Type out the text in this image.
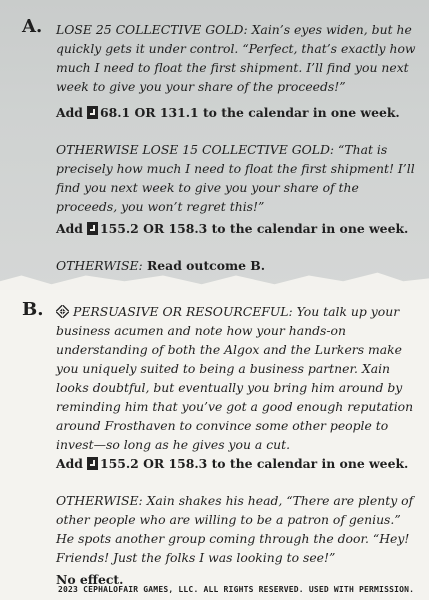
A. LOSE 25 COLLECTIVE GOLD: Xain’s eyes widen, but he quickly gets it under control. “Perfect, that’s exactly how much I need to float the first shipment. I’ll find you next week to give you your share of the proceeds!”

Add 68.1 OR 131.1 to the calendar in one week.

OTHERWISE LOSE 15 COLLECTIVE GOLD: “That is precisely how much I need to float the first shipment! I’ll find you next week to give you your share of the proceeds, you won’t regret this!”

Add 155.2 OR 158.3 to the calendar in one week.

OTHERWISE: Read outcome B.

B.	PERSUASIVE OR RESOURCEFUL: You talk up your business acumen and note how your hands-on understanding of both the Algox and the Lurkers make you uniquely suited to being a business partner. Xain looks doubtful, but eventually you bring him around by reminding him that you’ve got a good enough reputation around Frosthaven to convince some other people to invest—so long as he gives you a cut.

Add 155.2 OR 158.3 to the calendar in one week.

OTHERWISE: Xain shakes his head, “There are plenty of other people who are willing to be a patron of genius.” He spots another group coming through the door. “Hey! Friends! Just the folks I was looking to see!”

No effect.

2023 CEPHALOFAIR GAMES, LLC. ALL RIGHTS RESERVED. USED WITH PERMISSION.
